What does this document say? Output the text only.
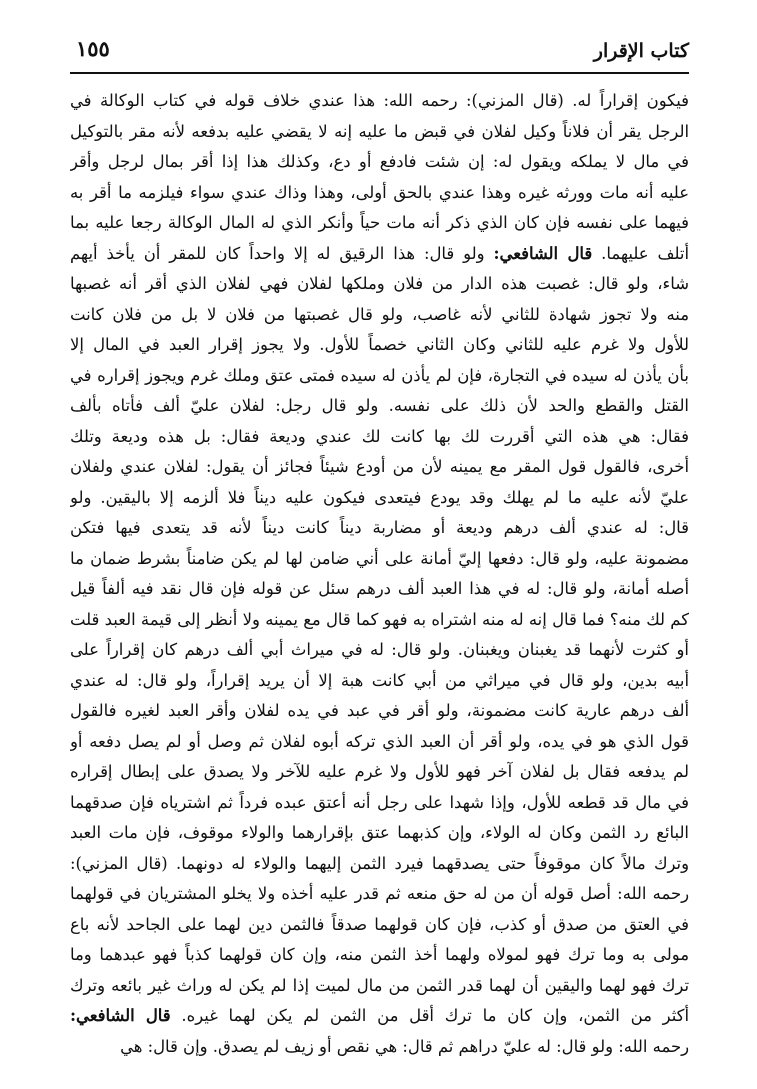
كتاب الإقرار
١٥٥
فيكون إقراراً له. (قال المزني): رحمه الله: هذا عندي خلاف قوله في كتاب الوكالة في
الرجل يقر أن فلاناً وكيل لفلان في قبض ما عليه إنه لا يقضي عليه بدفعه لأنه مقر بالتوكيل
في مال لا يملكه ويقول له: إن شئت فادفع أو دع، وكذلك هذا إذا أقر بمال لرجل وأقر
عليه أنه مات وورثه غيره وهذا عندي بالحق أولى، وهذا وذاك عندي سواء فيلزمه ما أقر به
فيهما على نفسه فإن كان الذي ذكر أنه مات حياً وأنكر الذي له المال الوكالة رجعا عليه بما
أتلف عليهما. قال الشافعي: ولو قال: هذا الرقيق له إلا واحداً كان للمقر أن يأخذ أيهم
شاء، ولو قال: غصبت هذه الدار من فلان وملكها لفلان فهي لفلان الذي أقر أنه غصبها
منه ولا تجوز شهادة للثاني لأنه غاصب، ولو قال غصبتها من فلان لا بل من فلان كانت
للأول ولا غرم عليه للثاني وكان الثاني خصماً للأول. ولا يجوز إقرار العبد في المال إلا
بأن يأذن له سيده في التجارة، فإن لم يأذن له سيده فمتى عتق وملك غرم ويجوز إقراره في
القتل والقطع والحد لأن ذلك على نفسه. ولو قال رجل: لفلان عليّ ألف فأتاه بألف
فقال: هي هذه التي أقررت لك بها كانت لك عندي وديعة فقال: بل هذه وديعة وتلك
أخرى، فالقول قول المقر مع يمينه لأن من أودع شيئاً فجائز أن يقول: لفلان عندي ولفلان
عليّ لأنه عليه ما لم يهلك وقد يودع فيتعدى فيكون عليه ديناً فلا ألزمه إلا باليقين. ولو
قال: له عندي ألف درهم وديعة أو مضاربة ديناً كانت ديناً لأنه قد يتعدى فيها فتكن
مضمونة عليه، ولو قال: دفعها إليّ أمانة على أني ضامن لها لم يكن ضامناً بشرط ضمان ما
أصله أمانة، ولو قال: له في هذا العبد ألف درهم سئل عن قوله فإن قال نقد فيه ألفاً قيل
كم لك منه؟ فما قال إنه له منه اشتراه به فهو كما قال مع يمينه ولا أنظر إلى قيمة العبد قلت
أو كثرت لأنهما قد يغبنان ويغبنان. ولو قال: له في ميراث أبي ألف درهم كان إقراراً على
أبيه بدين، ولو قال في ميراثي من أبي كانت هبة إلا أن يريد إقراراً، ولو قال: له عندي
ألف درهم عارية كانت مضمونة، ولو أقر في عبد في يده لفلان وأقر العبد لغيره فالقول
قول الذي هو في يده، ولو أقر أن العبد الذي تركه أبوه لفلان ثم وصل أو لم يصل دفعه أو
لم يدفعه فقال بل لفلان آخر فهو للأول ولا غرم عليه للآخر ولا يصدق على إبطال إقراره
في مال قد قطعه للأول، وإذا شهدا على رجل أنه أعتق عبده فرداً ثم اشترياه فإن صدقهما
البائع رد الثمن وكان له الولاء، وإن كذبهما عتق بإقرارهما والولاء موقوف، فإن مات العبد
وترك مالاً كان موقوفاً حتى يصدقهما فيرد الثمن إليهما والولاء له دونهما. (قال المزني):
رحمه الله: أصل قوله أن من له حق منعه ثم قدر عليه أخذه ولا يخلو المشتريان في قولهما
في العتق من صدق أو كذب، فإن كان قولهما صدقاً فالثمن دين لهما على الجاحد لأنه باع
مولى به وما ترك فهو لمولاه ولهما أخذ الثمن منه، وإن كان قولهما كذباً فهو عبدهما وما
ترك فهو لهما واليقين أن لهما قدر الثمن من مال لميت إذا لم يكن له وراث غير بائعه وترك
أكثر من الثمن، وإن كان ما ترك أقل من الثمن لم يكن لهما غيره. قال الشافعي:
رحمه الله: ولو قال: له عليّ دراهم ثم قال: هي نقص أو زيف لم يصدق. وإن قال: هي
